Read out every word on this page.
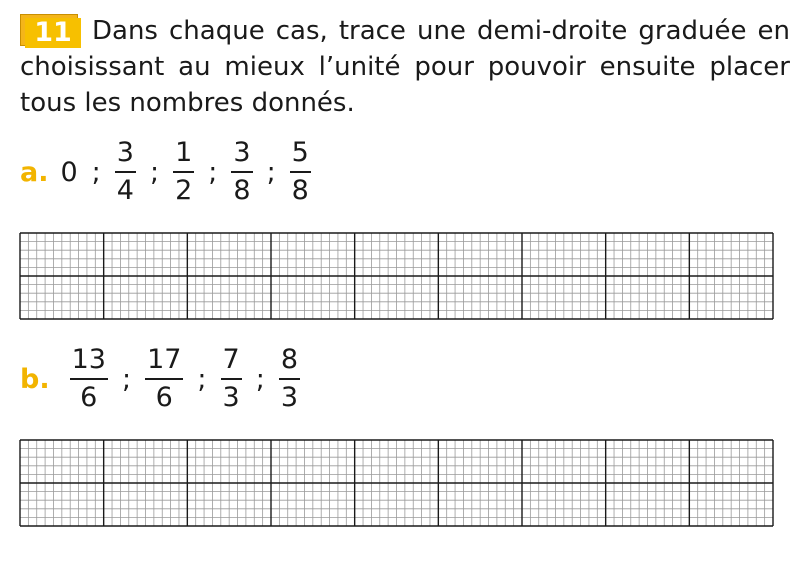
11 Dans chaque cas, trace une demi-droite graduée en choisissant au mieux l’unité pour pouvoir ensuite placer tous les nombres donnés.

a. 0 ; $\frac{3}{4}$ ; $\frac{1}{2}$ ; $\frac{3}{8}$ ; $\frac{5}{8}$
b. $\frac{13}{6}$ ; $\frac{17}{6}$ ; $\frac{7}{3}$ ; $\frac{8}{3}$
